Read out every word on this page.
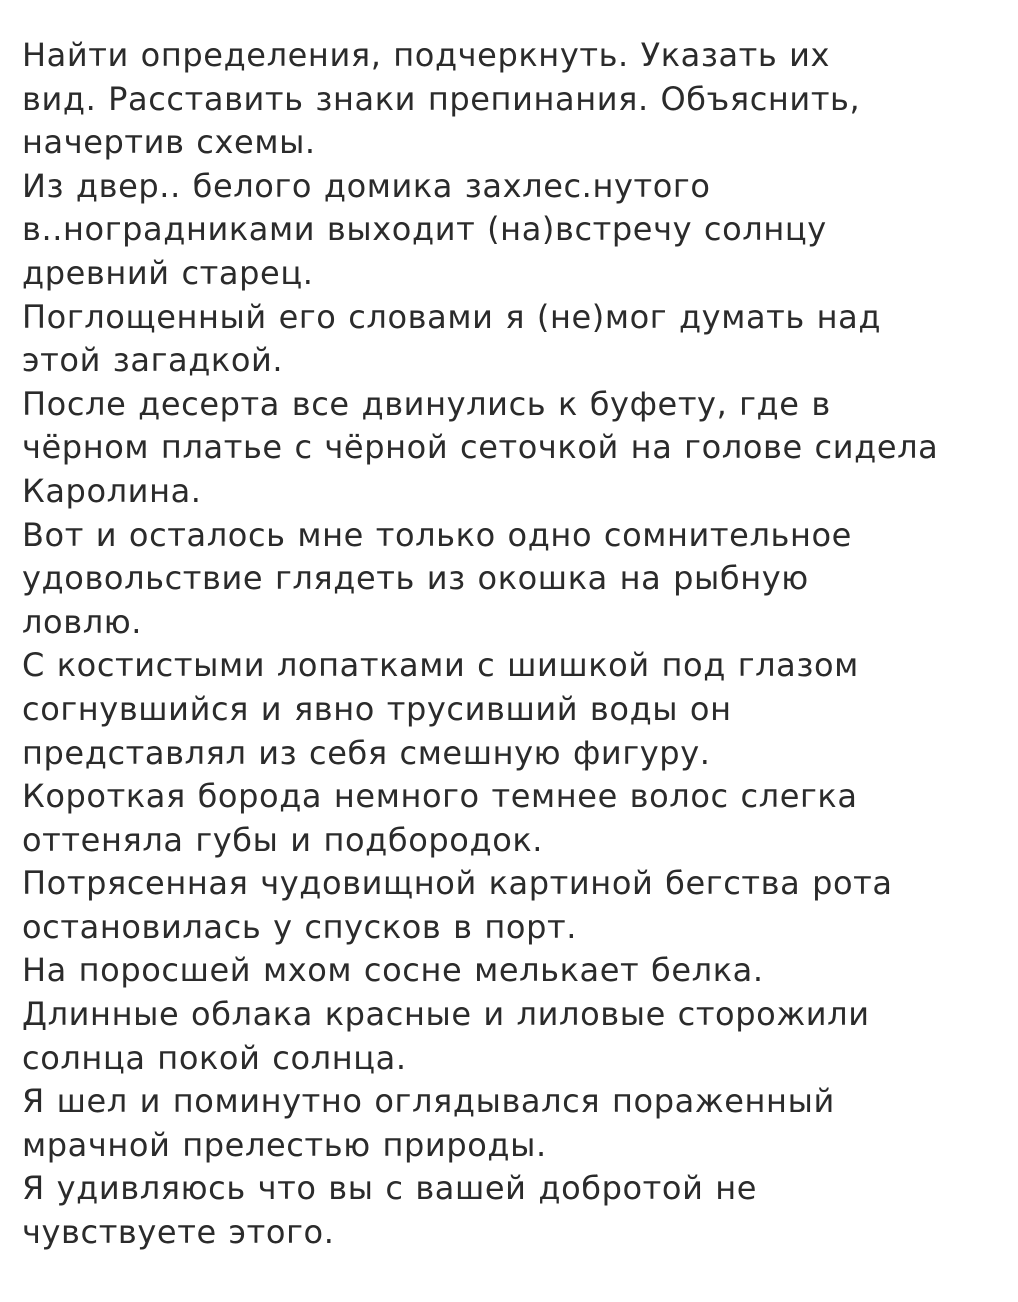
Найти определения, подчеркнуть. Указать их
вид. Расставить знаки препинания. Объяснить,
начертив схемы.
Из двер.. белого домика захлес.нутого
в..ноградниками выходит (на)встречу солнцу
древний старец.
Поглощенный его словами я (не)мог думать над
этой загадкой.
После десерта все двинулись к буфету, где в
чёрном платье с чёрной сеточкой на голове сидела
Каролина.
Вот и осталось мне только одно сомнительное
удовольствие глядеть из окошка на рыбную
ловлю.
С костистыми лопатками с шишкой под глазом
согнувшийся и явно трусивший воды он
представлял из себя смешную фигуру.
Короткая борода немного темнее волос слегка
оттеняла губы и подбородок.
Потрясенная чудовищной картиной бегства рота
остановилась у спусков в порт.
На поросшей мхом сосне мелькает белка.
Длинные облака красные и лиловые сторожили
солнца покой солнца.
Я шел и поминутно оглядывался пораженный
мрачной прелестью природы.
Я удивляюсь что вы с вашей добротой не
чувствуете этого.
